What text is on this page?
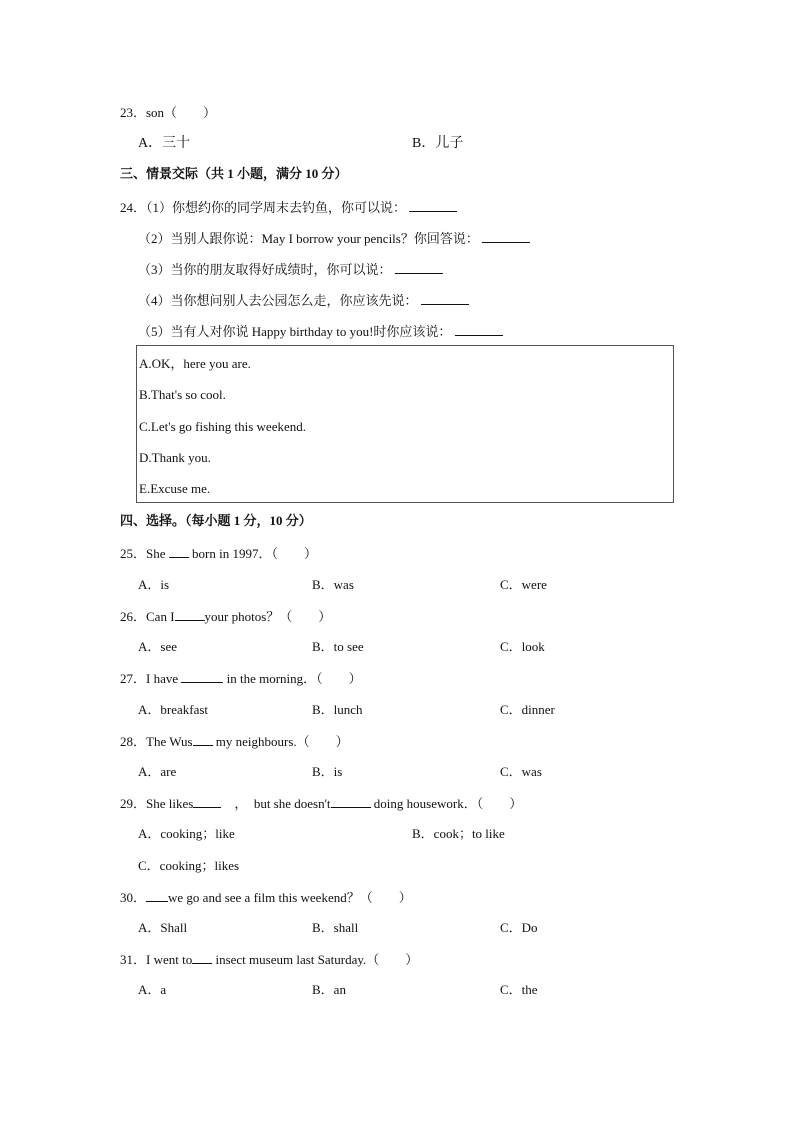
23．son（　　）
A．三十	B．儿子
三、情景交际（共 1 小题，满分 10 分）
24．（1）你想约你的同学周末去钓鱼，你可以说：
（2）当别人跟你说：May I borrow your pencils？你回答说：
（3）当你的朋友取得好成绩时，你可以说：
（4）当你想问别人去公园怎么走，你应该先说：
（5）当有人对你说 Happy birthday to you!时你应该说：
A.OK，here you are.
B.That's so cool.
C.Let's go fishing this weekend.
D.Thank you.
E.Excuse me.
四、选择。（每小题 1 分，10 分）
25．She  born in 1997．（　　）
A．is	B．was	C．were
26．Can I your photos？（　　）
A．see	B．to see	C．look
27．I have	in the morning．（　　）
A．breakfast	B．lunch	C．dinner
28．The Wus my neighbours.（　　）
A．are	B．is	C．was
29．She likes　，　but she doesn't	doing housework．（　　）
A．cooking；like	B．cook；to like
C．cooking；likes
30． we go and see a film this weekend？（　　）
A．Shall	B．shall	C．Do
31．I went to insect museum last Saturday.（　　）
A．a	B．an	C．the
